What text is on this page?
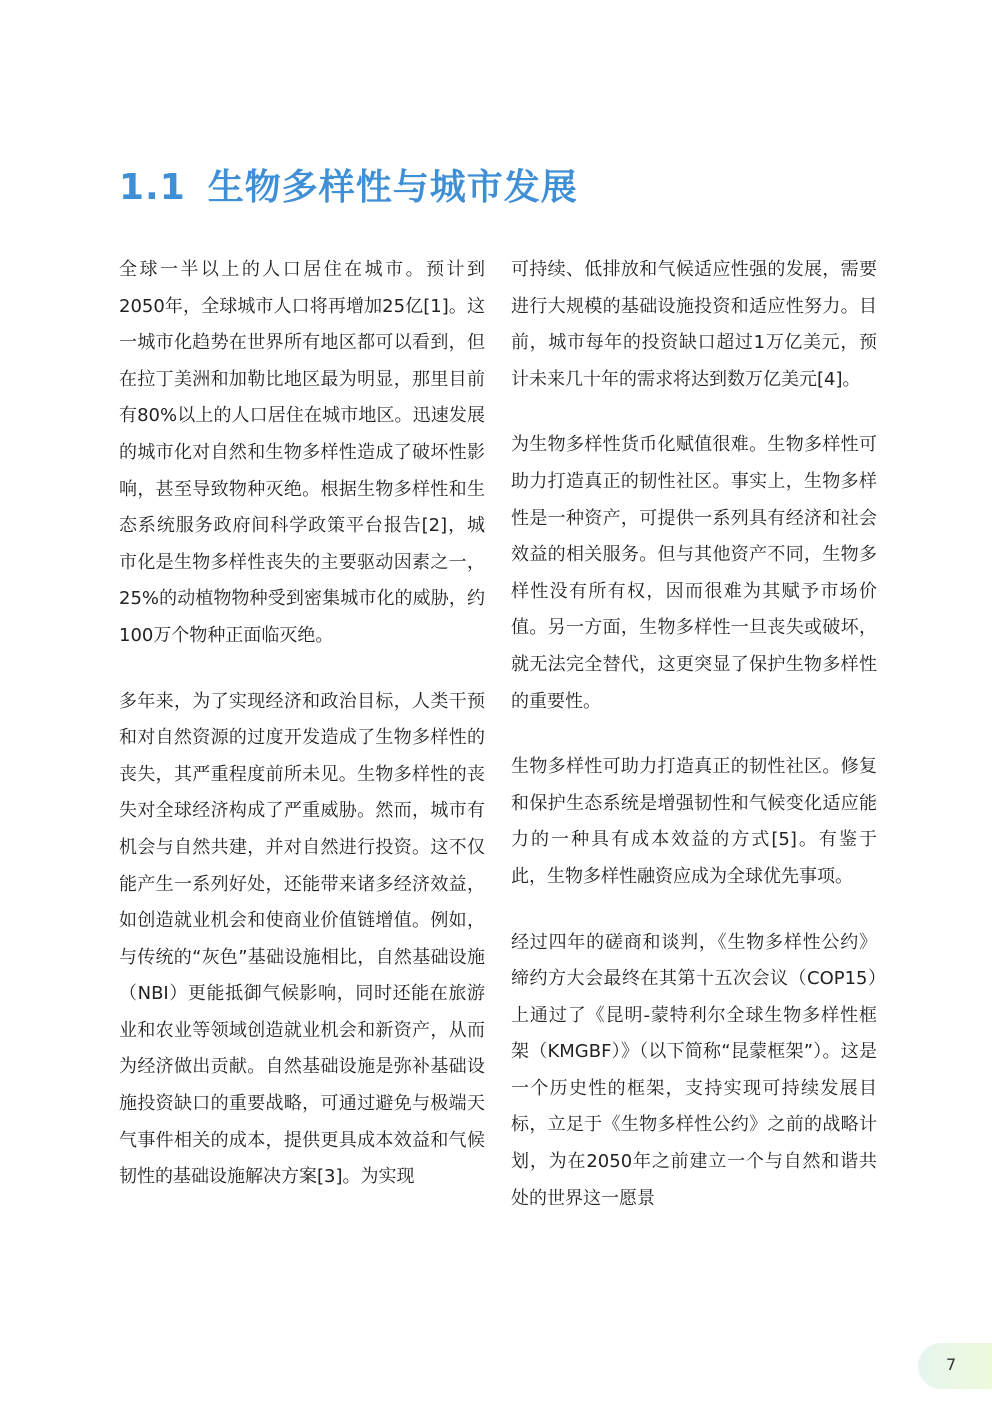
1.1 生物多样性与城市发展

全球一半以上的人口居住在城市。预计到2050年，全球城市人口将再增加25亿[1]。这一城市化趋势在世界所有地区都可以看到，但在拉丁美洲和加勒比地区最为明显，那里目前有80%以上的人口居住在城市地区。迅速发展的城市化对自然和生物多样性造成了破坏性影响，甚至导致物种灭绝。根据生物多样性和生态系统服务政府间科学政策平台报告[2]，城市化是生物多样性丧失的主要驱动因素之一，25%的动植物物种受到密集城市化的威胁，约100万个物种正面临灭绝。

多年来，为了实现经济和政治目标，人类干预和对自然资源的过度开发造成了生物多样性的丧失，其严重程度前所未见。生物多样性的丧失对全球经济构成了严重威胁。然而，城市有机会与自然共建，并对自然进行投资。这不仅能产生一系列好处，还能带来诸多经济效益，如创造就业机会和使商业价值链增值。例如，与传统的“灰色”基础设施相比，自然基础设施（NBI）更能抵御气候影响，同时还能在旅游业和农业等领域创造就业机会和新资产，从而为经济做出贡献。自然基础设施是弥补基础设施投资缺口的重要战略，可通过避免与极端天气事件相关的成本，提供更具成本效益和气候韧性的基础设施解决方案[3]。为实现

可持续、低排放和气候适应性强的发展，需要进行大规模的基础设施投资和适应性努力。目前，城市每年的投资缺口超过1万亿美元，预计未来几十年的需求将达到数万亿美元[4]。

为生物多样性货币化赋值很难。生物多样性可助力打造真正的韧性社区。事实上，生物多样性是一种资产，可提供一系列具有经济和社会效益的相关服务。但与其他资产不同，生物多样性没有所有权，因而很难为其赋予市场价值。另一方面，生物多样性一旦丧失或破坏，就无法完全替代，这更突显了保护生物多样性的重要性。

生物多样性可助力打造真正的韧性社区。修复和保护生态系统是增强韧性和气候变化适应能力的一种具有成本效益的方式[5]。有鉴于此，生物多样性融资应成为全球优先事项。

经过四年的磋商和谈判，《生物多样性公约》缔约方大会最终在其第十五次会议（COP15）上通过了《昆明-蒙特利尔全球生物多样性框架（KMGBF）》（以下简称“昆蒙框架”）。这是一个历史性的框架，支持实现可持续发展目标，立足于《生物多样性公约》之前的战略计划，为在2050年之前建立一个与自然和谐共处的世界这一愿景

7
